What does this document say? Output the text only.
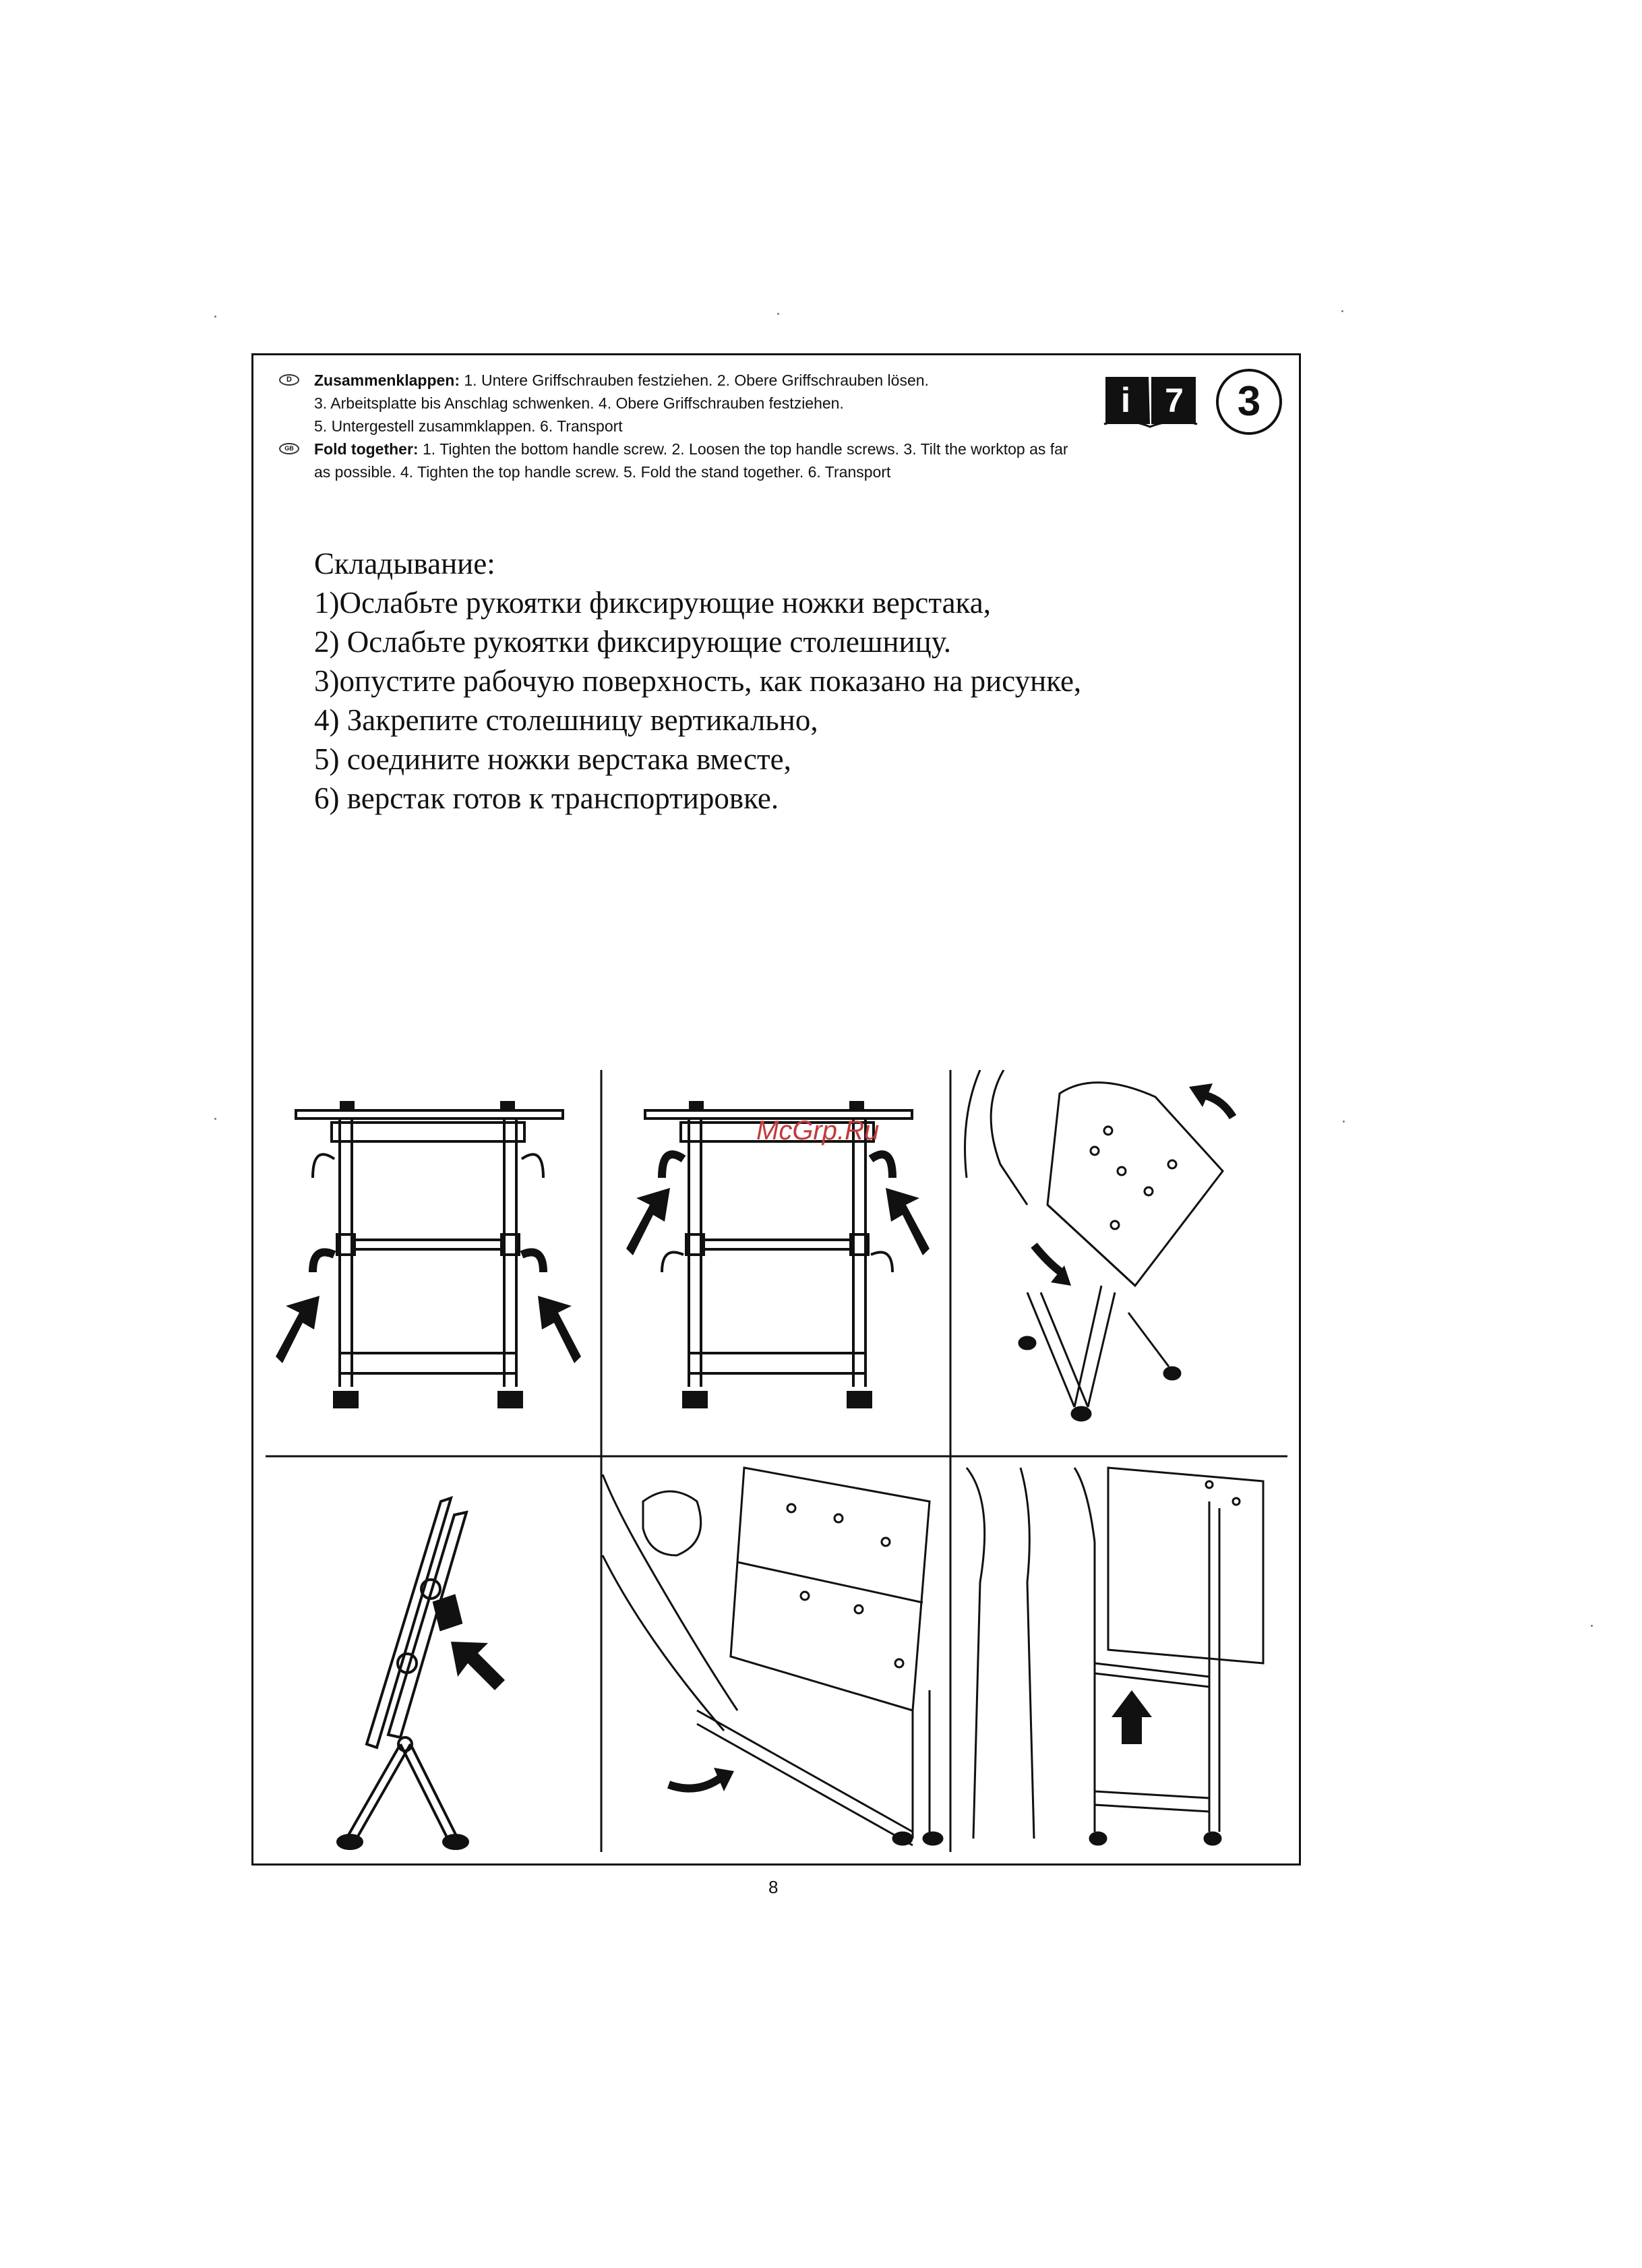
D	Zusammenklappen: 1. Untere Griffschrauben festziehen. 2. Obere Griffschrauben lösen.
3. Arbeitsplatte bis Anschlag schwenken. 4. Obere Griffschrauben festziehen.
5. Untergestell zusammklappen. 6. Transport
GB	Fold together: 1. Tighten the bottom handle screw. 2. Loosen the top handle screws. 3. Tilt the worktop as far
as possible. 4. Tighten the top handle screw. 5. Fold the stand together. 6. Transport
i 7	3
Складывание:
1)Ослабьте рукоятки фиксирующие ножки верстака,
2) Ослабьте рукоятки фиксирующие столешницу.
3)опустите рабочую поверхность, как показано на рисунке,
4) Закрепите столешницу вертикально,
5) соедините ножки верстака вместе,
6) верстак готов к транспортировке.
McGrp.Ru
8
